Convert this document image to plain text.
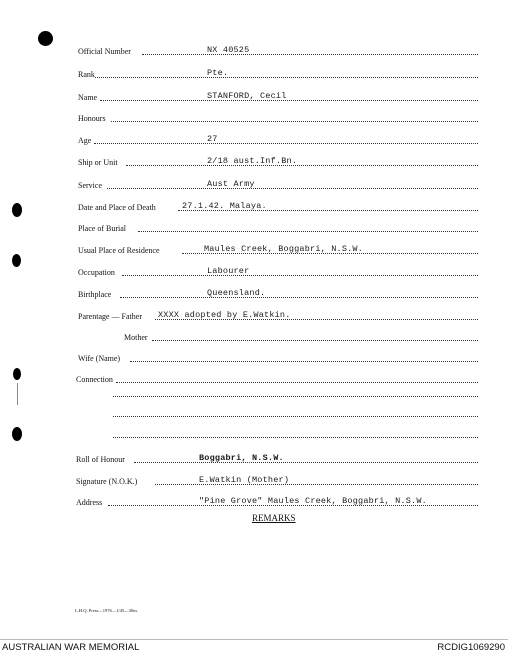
Official Number	NX 40525
Rank	Pte.
Name	STANFORD, Cecil
Honours
Age	27
Ship or Unit	2/18 aust.Inf.Bn.
Service	Aust Army
Date and Place of Death	27.1.42. Malaya.
Place of Burial
Usual Place of Residence	Maules Creek, Boggabri, N.S.W.
Occupation	Labourer
Birthplace	Queensland.
Parentage — Father XXXX adopted by E.Watkin.
Mother
Wife (Name)
Connection
Roll of Honour	Boggabri, N.S.W.
Signature (N.O.K.)	E.Watkin (Mother)
Address	"Pine Grove" Maules Creek, Boggabri, N.S.W.
REMARKS
L.H.Q. Press—1976—1/45—30m.
AUSTRALIAN WAR MEMORIAL	RCDIG1069290
